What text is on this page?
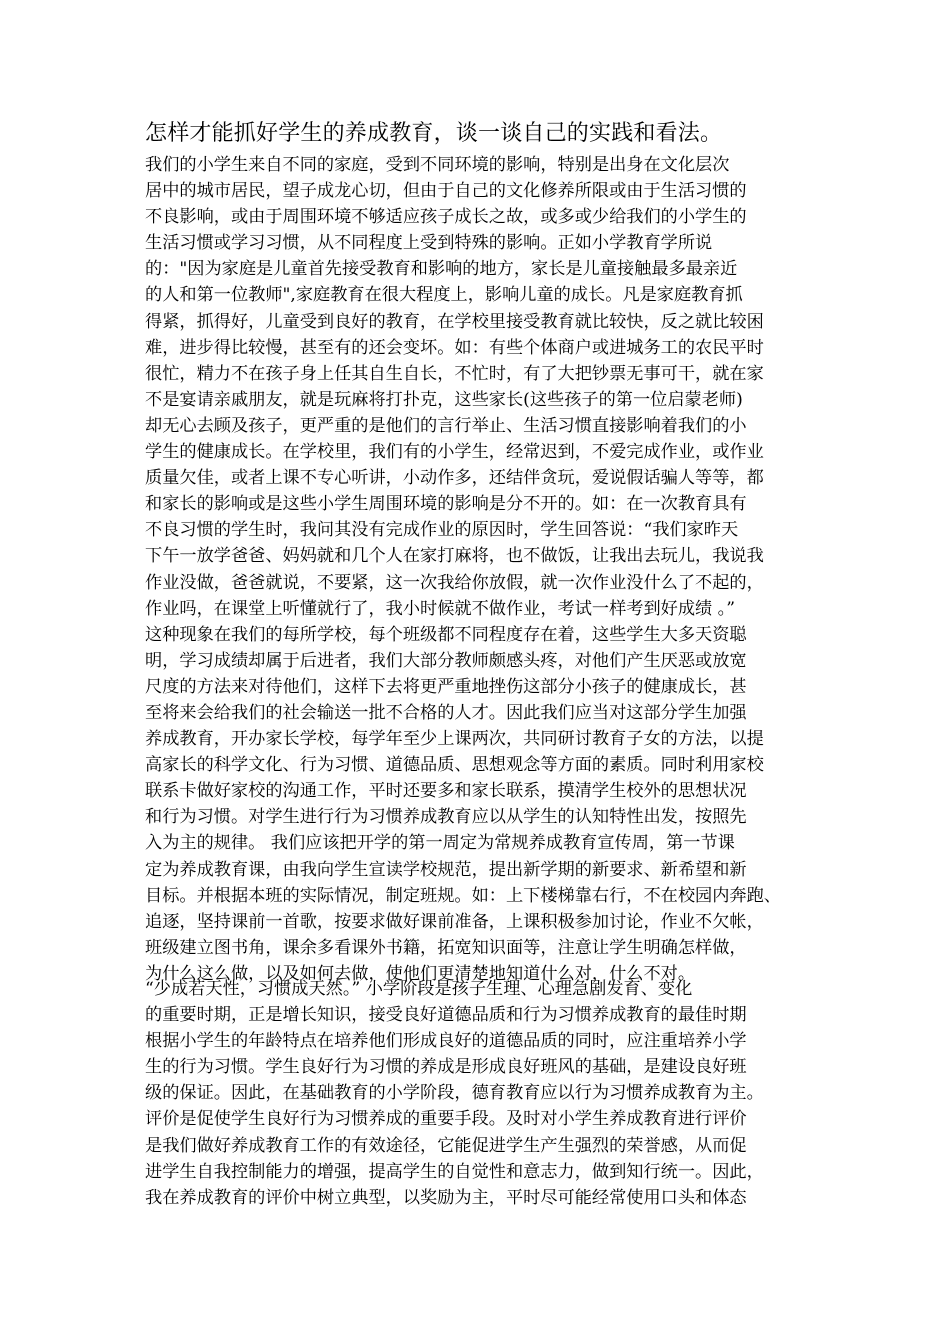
怎样才能抓好学生的养成教育，谈一谈自己的实践和看法。
我们的小学生来自不同的家庭，受到不同环境的影响，特别是出身在文化层次
居中的城市居民，望子成龙心切，但由于自己的文化修养所限或由于生活习惯的
不良影响，或由于周围环境不够适应孩子成长之故，或多或少给我们的小学生的
生活习惯或学习习惯，从不同程度上受到特殊的影响。正如小学教育学所说
的："因为家庭是儿童首先接受教育和影响的地方，家长是儿童接触最多最亲近
的人和第一位教师",家庭教育在很大程度上，影响儿童的成长。凡是家庭教育抓
得紧，抓得好，儿童受到良好的教育，在学校里接受教育就比较快，反之就比较困
难，进步得比较慢，甚至有的还会变坏。如：有些个体商户或进城务工的农民平时
很忙，精力不在孩子身上任其自生自长，不忙时，有了大把钞票无事可干，就在家
不是宴请亲戚朋友，就是玩麻将打扑克，这些家长(这些孩子的第一位启蒙老师)
却无心去顾及孩子，更严重的是他们的言行举止、生活习惯直接影响着我们的小
学生的健康成长。在学校里，我们有的小学生，经常迟到，不爱完成作业，或作业
质量欠佳，或者上课不专心听讲，小动作多，还结伴贪玩，爱说假话骗人等等，都
和家长的影响或是这些小学生周围环境的影响是分不开的。如：在一次教育具有
不良习惯的学生时，我问其没有完成作业的原因时，学生回答说：“我们家昨天
下午一放学爸爸、妈妈就和几个人在家打麻将，也不做饭，让我出去玩儿，我说我
作业没做，爸爸就说，不要紧，这一次我给你放假，就一次作业没什么了不起的，
作业吗，在课堂上听懂就行了，我小时候就不做作业，考试一样考到好成绩 。”
这种现象在我们的每所学校，每个班级都不同程度存在着，这些学生大多天资聪
明，学习成绩却属于后进者，我们大部分教师颇感头疼，对他们产生厌恶或放宽
尺度的方法来对待他们，这样下去将更严重地挫伤这部分小孩子的健康成长，甚
至将来会给我们的社会输送一批不合格的人才。因此我们应当对这部分学生加强
养成教育，开办家长学校，每学年至少上课两次，共同研讨教育子女的方法，以提
高家长的科学文化、行为习惯、道德品质、思想观念等方面的素质。同时利用家校
联系卡做好家校的沟通工作，平时还要多和家长联系，摸清学生校外的思想状况
和行为习惯。对学生进行行为习惯养成教育应以从学生的认知特性出发，按照先
入为主的规律。 我们应该把开学的第一周定为常规养成教育宣传周，第一节课
定为养成教育课，由我向学生宣读学校规范，提出新学期的新要求、新希望和新
目标。并根据本班的实际情况，制定班规。如：上下楼梯靠右行，不在校园内奔跑、
追逐，坚持课前一首歌，按要求做好课前准备，上课积极参加讨论，作业不欠帐，
班级建立图书角，课余多看课外书籍，拓宽知识面等，注意让学生明确怎样做，
为什么这么做，以及如何去做，使他们更清楚地知道什么对，什么不对。
“少成若天性，习惯成天然。” 小学阶段是孩子生理、心理急剧发育、变化
的重要时期，正是增长知识，接受良好道德品质和行为习惯养成教育的最佳时期
根据小学生的年龄特点在培养他们形成良好的道德品质的同时，应注重培养小学
生的行为习惯。学生良好行为习惯的养成是形成良好班风的基础，是建设良好班
级的保证。因此，在基础教育的小学阶段，德育教育应以行为习惯养成教育为主。
评价是促使学生良好行为习惯养成的重要手段。及时对小学生养成教育进行评价
是我们做好养成教育工作的有效途径，它能促进学生产生强烈的荣誉感，从而促
进学生自我控制能力的增强，提高学生的自觉性和意志力，做到知行统一。因此，
我在养成教育的评价中树立典型，以奖励为主，平时尽可能经常使用口头和体态
